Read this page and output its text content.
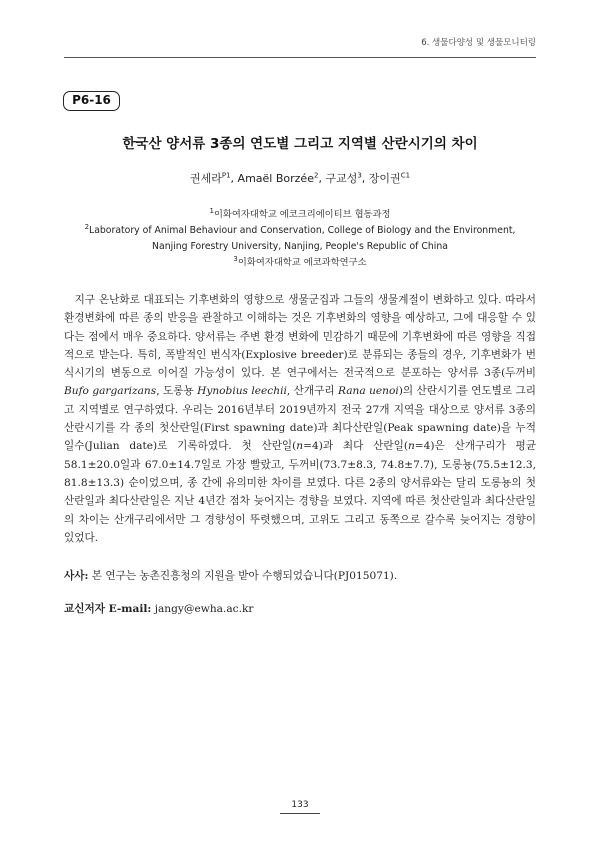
6. 생물다양성 및 생물모니터링
P6-16
한국산 양서류 3종의 연도별 그리고 지역별 산란시기의 차이
권세라$^{P1}$, Amaël Borzée$^2$, 구교성$^3$, 장이권$^{C1}$
$^1$이화여자대학교 에코크리에이티브 협동과정
$^2$Laboratory of Animal Behaviour and Conservation, College of Biology and the Environment,
Nanjing Forestry University, Nanjing, People's Republic of China
$^3$이화여자대학교 에코과학연구소

지구 온난화로 대표되는 기후변화의 영향으로 생물군집과 그들의 생물계절이 변화하고 있다. 따라서 환경변화에 따른 종의 반응을 관찰하고 이해하는 것은 기후변화의 영향을 예상하고, 그에 대응할 수 있다는 점에서 매우 중요하다. 양서류는 주변 환경 변화에 민감하기 때문에 기후변화에 따른 영향을 직접적으로 받는다. 특히, 폭발적인 번식자(Explosive breeder)로 분류되는 종들의 경우, 기후변화가 번식시기의 변동으로 이어질 가능성이 있다. 본 연구에서는 전국적으로 분포하는 양서류 3종(두꺼비 Bufo gargarizans, 도롱뇽 Hynobius leechii, 산개구리 Rana uenoi)의 산란시기를 연도별로 그리고 지역별로 연구하였다. 우리는 2016년부터 2019년까지 전국 27개 지역을 대상으로 양서류 3종의 산란시기를 각 종의 첫산란일(First spawning date)과 최다산란일(Peak spawning date)을 누적일수(Julian date)로 기록하였다. 첫 산란일(n=4)과 최다 산란일(n=4)은 산개구리가 평균 58.1±20.0일과 67.0±14.7일로 가장 빨랐고, 두꺼비(73.7±8.3, 74.8±7.7), 도롱뇽(75.5±12.3, 81.8±13.3) 순이었으며, 종 간에 유의미한 차이를 보였다. 다른 2종의 양서류와는 달리 도롱뇽의 첫산란일과 최다산란일은 지난 4년간 점차 늦어지는 경향을 보였다. 지역에 따른 첫산란일과 최다산란일의 차이는 산개구리에서만 그 경향성이 뚜렷했으며, 고위도 그리고 동쪽으로 갈수록 늦어지는 경향이 있었다.

사사: 본 연구는 농촌진흥청의 지원을 받아 수행되었습니다(PJ015071).
교신저자 E-mail: jangy@ewha.ac.kr
133
